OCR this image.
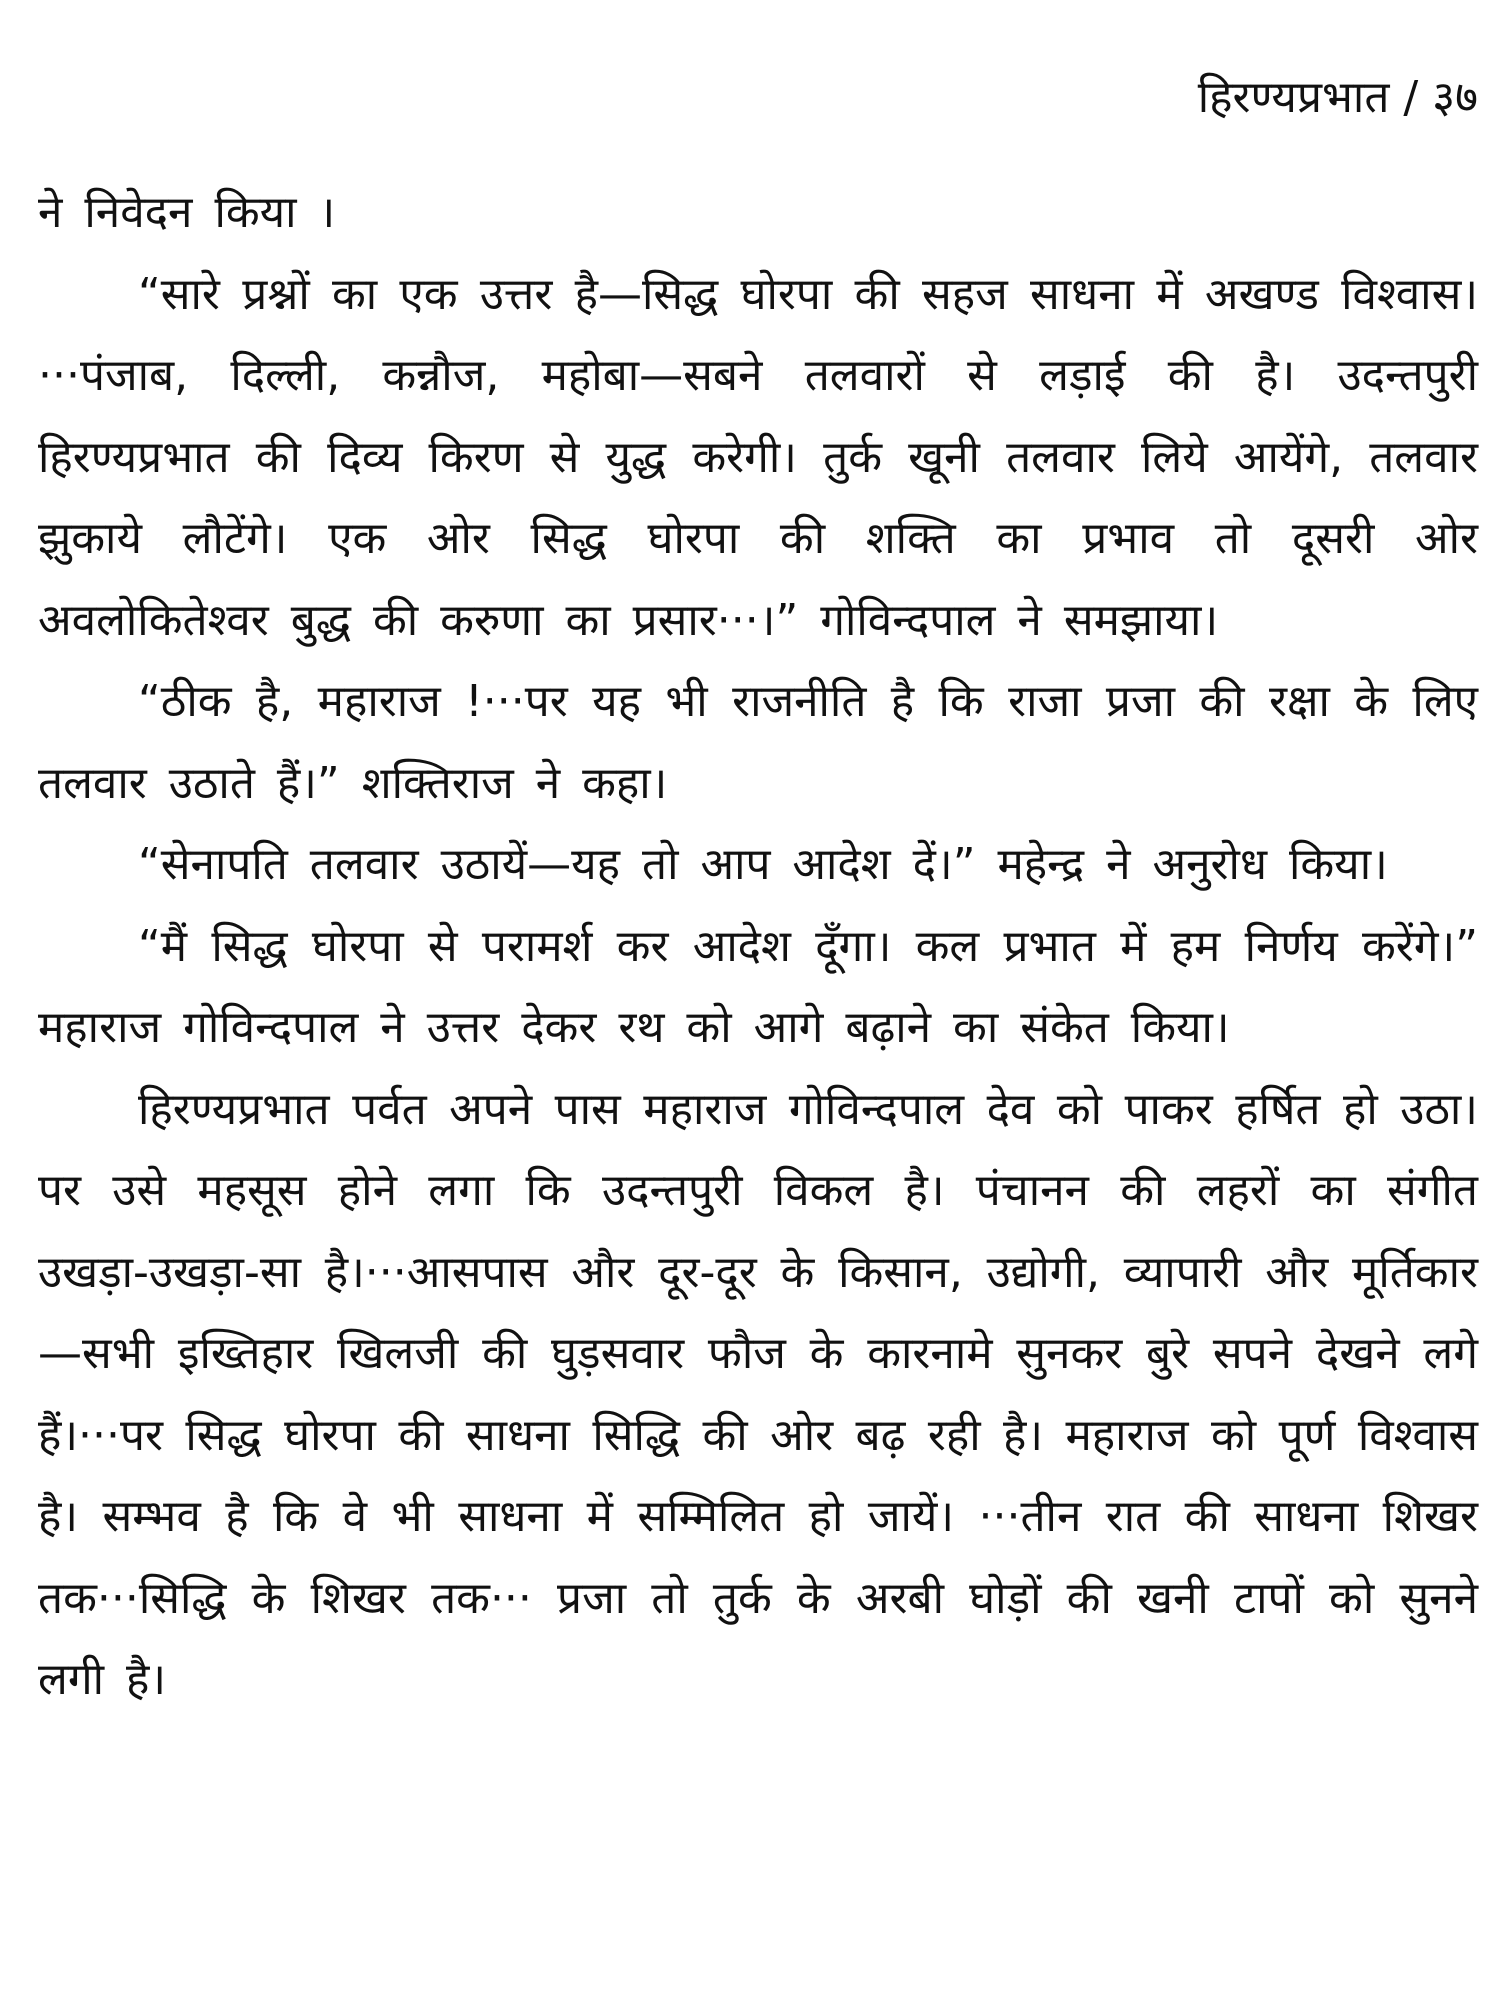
हिरण्यप्रभात / ३७

ने निवेदन किया ।

“सारे प्रश्नों का एक उत्तर है—सिद्ध घोरपा की सहज साधना में अखण्ड विश्वास।···पंजाब, दिल्ली, कन्नौज, महोबा—सबने तलवारों से लड़ाई की है। उदन्तपुरी हिरण्यप्रभात की दिव्य किरण से युद्ध करेगी। तुर्क खूनी तलवार लिये आयेंगे, तलवार झुकाये लौटेंगे। एक ओर सिद्ध घोरपा की शक्ति का प्रभाव तो दूसरी ओर अवलोकितेश्वर बुद्ध की करुणा का प्रसार···।” गोविन्दपाल ने समझाया।

“ठीक है, महाराज !···पर यह भी राजनीति है कि राजा प्रजा की रक्षा के लिए तलवार उठाते हैं।” शक्तिराज ने कहा।

“सेनापति तलवार उठायें—यह तो आप आदेश दें।” महेन्द्र ने अनुरोध किया।

“मैं सिद्ध घोरपा से परामर्श कर आदेश दूँगा। कल प्रभात में हम निर्णय करेंगे।” महाराज गोविन्दपाल ने उत्तर देकर रथ को आगे बढ़ाने का संकेत किया।

हिरण्यप्रभात पर्वत अपने पास महाराज गोविन्दपाल देव को पाकर हर्षित हो उठा। पर उसे महसूस होने लगा कि उदन्तपुरी विकल है। पंचानन की लहरों का संगीत उखड़ा-उखड़ा-सा है।···आसपास और दूर-दूर के किसान, उद्योगी, व्यापारी और मूर्तिकार—सभी इख्तिहार खिलजी की घुड़सवार फौज के कारनामे सुनकर बुरे सपने देखने लगे हैं।···पर सिद्ध घोरपा की साधना सिद्धि की ओर बढ़ रही है। महाराज को पूर्ण विश्वास है। सम्भव है कि वे भी साधना में सम्मिलित हो जायें। ···तीन रात की साधना शिखर तक···सिद्धि के शिखर तक··· प्रजा तो तुर्क के अरबी घोड़ों की खनी टापों को सुनने लगी है।
